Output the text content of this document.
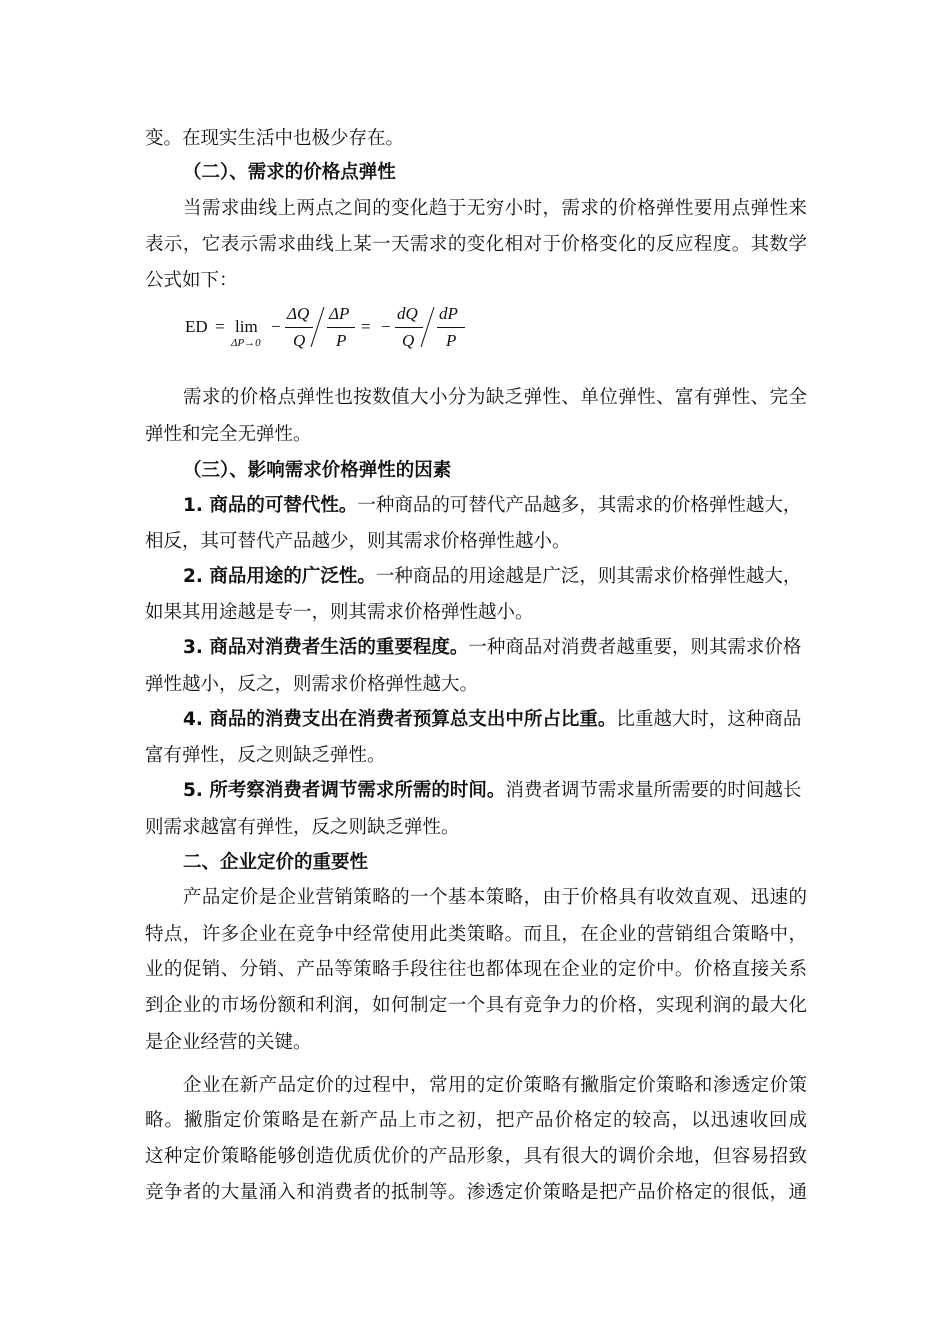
变。在现实生活中也极少存在。
（二）、需求的价格点弹性
当需求曲线上两点之间的变化趋于无穷小时，需求的价格弹性要用点弹性来
表示，它表示需求曲线上某一天需求的变化相对于价格变化的反应程度。其数学
公式如下：
ED = lim
ΔP→0
−
ΔQ
Q
ΔP
P
= −
dQ
Q
dP
P
需求的价格点弹性也按数值大小分为缺乏弹性、单位弹性、富有弹性、完全
弹性和完全无弹性。
（三）、影响需求价格弹性的因素
1. 商品的可替代性。一种商品的可替代产品越多，其需求的价格弹性越大，
相反，其可替代产品越少，则其需求价格弹性越小。
2. 商品用途的广泛性。一种商品的用途越是广泛，则其需求价格弹性越大，
如果其用途越是专一，则其需求价格弹性越小。
3. 商品对消费者生活的重要程度。一种商品对消费者越重要，则其需求价格
弹性越小，反之，则需求价格弹性越大。
4. 商品的消费支出在消费者预算总支出中所占比重。比重越大时，这种商品
富有弹性，反之则缺乏弹性。
5. 所考察消费者调节需求所需的时间。消费者调节需求量所需要的时间越长
则需求越富有弹性，反之则缺乏弹性。
二、企业定价的重要性
产品定价是企业营销策略的一个基本策略，由于价格具有收效直观、迅速的
特点，许多企业在竞争中经常使用此类策略。而且，在企业的营销组合策略中，
业的促销、分销、产品等策略手段往往也都体现在企业的定价中。价格直接关系
到企业的市场份额和利润，如何制定一个具有竞争力的价格，实现利润的最大化
是企业经营的关键。
企业在新产品定价的过程中，常用的定价策略有撇脂定价策略和渗透定价策
略。撇脂定价策略是在新产品上市之初，把产品价格定的较高，以迅速收回成
这种定价策略能够创造优质优价的产品形象，具有很大的调价余地，但容易招致
竞争者的大量涌入和消费者的抵制等。渗透定价策略是把产品价格定的很低，通
